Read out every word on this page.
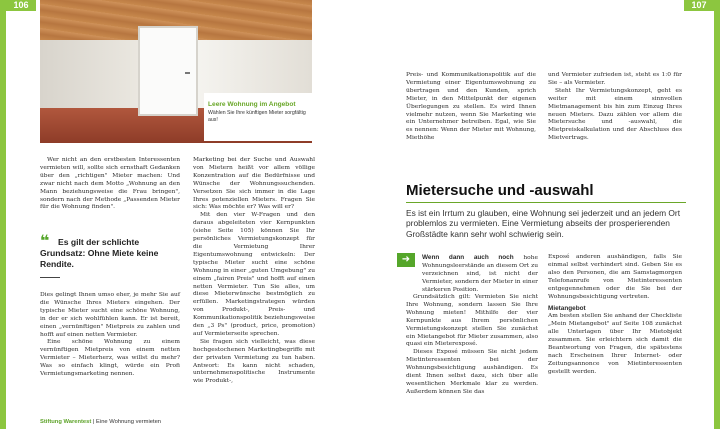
106	107
Leere Wohnung im Angebot
Wählen Sie Ihre künftigen Mieter sorgfältig aus!

Wer nicht an den erstbesten Interessenten vermieten will, sollte sich ernsthaft Gedanken über den „richtigen" Mieter machen: Und zwar nicht nach dem Motto „Wohnung an den Mann beziehungsweise die Frau bringen", sondern nach der Methode „Passenden Mieter für die Wohnung finden".

❝	Es gilt der schlichte Grundsatz: Ohne Miete keine Rendite.

Dies gelingt Ihnen umso eher, je mehr Sie auf die Wünsche Ihres Mieters eingehen. Der typische Mieter sucht eine schöne Wohnung, in der er sich wohlfühlen kann. Er ist bereit, einen „vernünftigen" Mietpreis zu zahlen und hofft auf einen netten Vermieter.

Eine schöne Wohnung zu einem vernünftigen Mietpreis von einem netten Vermieter – Mieterherz, was willst du mehr? Was so einfach klingt, würde ein Profi Vermietungsmarketing nennen.

Marketing bei der Suche und Auswahl von Mietern heißt vor allem völlige Konzentration auf die Bedürfnisse und Wünsche der Wohnungssuchenden. Versetzen Sie sich immer in die Lage Ihres potenziellen Mieters. Fragen Sie sich: Was möchte er? Was will er?

Mit den vier W-Fragen und den daraus abgeleiteten vier Kernpunkten (siehe Seite 105) können Sie Ihr persönliches Vermietungskonzept für die Vermietung Ihrer Eigentumswohnung entwickeln: Der typische Mieter sucht eine schöne Wohnung in einer „guten Umgebung" zu einem „fairen Preis" und hofft auf einen netten Vermieter. Tun Sie alles, um diese Mieterwünsche bestmöglich zu erfüllen. Marketingstrategen würden von Produkt-, Preis- und Kommunikationspolitik beziehungsweise den „3 Ps" (product, price, promotion) auf Vermieterseite sprechen.

Sie fragen sich vielleicht, was diese hochgestochenen Marketingbegriffe mit der privaten Vermietung zu tun haben. Antwort: Es kann nicht schaden, unternehmenspolitische Instrumente wie Produkt-,

Preis- und Kommunikationspolitik auf die Vermietung einer Eigentumswohnung zu übertragen und den Kunden, sprich Mieter, in den Mittelpunkt der eigenen Überlegungen zu stellen. Es wird Ihnen vielmehr nutzen, wenn Sie Marketing wie ein Unternehmer betreiben. Egal, wie Sie es nennen: Wenn der Mieter mit Wohnung, Miethöhe

und Vermieter zufrieden ist, steht es 1:0 für Sie – als Vermieter.

Steht Ihr Vermietungskonzept, geht es weiter mit einem sinnvollen Mietmanagement bis hin zum Einzug Ihres neuen Mieters. Dazu zählen vor allem die Mietersuche und -auswahl, die Mietpreiskalkulation und der Abschluss des Mietvertrags.

Mietersuche und -auswahl
Es ist ein Irrtum zu glauben, eine Wohnung sei jederzeit und an jedem Ort problemlos zu vermieten. Eine Vermietung abseits der prosperierenden Großstädte kann sehr wohl schwierig sein.
➜	Wenn dann auch noch hohe Wohnungsleerstände an diesem Ort zu verzeichnen sind, ist nicht der Vermieter, sondern der Mieter in einer stärkeren Position.

Grundsätzlich gilt: Vermieten Sie nicht Ihre Wohnung, sondern lassen Sie Ihre Wohnung mieten! Mithilfe der vier Kernpunkte aus Ihrem persönlichen Vermietungskonzept stellen Sie zunächst ein Mietangebot für Mieter zusammen, also quasi ein Mieterexposé.

Dieses Exposé müssen Sie nicht jedem Mietinteressenten bei der Wohnungsbesichtigung aushändigen. Es dient Ihnen selbst dazu, sich über alle wesentlichen Merkmale klar zu werden. Außerdem können Sie das

Exposé anderen aushändigen, falls Sie einmal selbst verhindert sind. Geben Sie es also den Personen, die am Samstagmorgen Telefonanrufe von Mietinteressenten entgegennehmen oder die Sie bei der Wohnungsbesichtigung vertreten.

Mietangebot

Am besten stellen Sie anhand der Checkliste „Mein Mietangebot" auf Seite 108 zunächst alle Unterlagen über Ihr Mietobjekt zusammen. Sie erleichtern sich damit die Beantwortung von Fragen, die spätestens nach Erscheinen Ihrer Internet- oder Zeitungsannonce von Mietinteressenten gestellt werden.

Stiftung Warentest | Eine Wohnung vermieten
